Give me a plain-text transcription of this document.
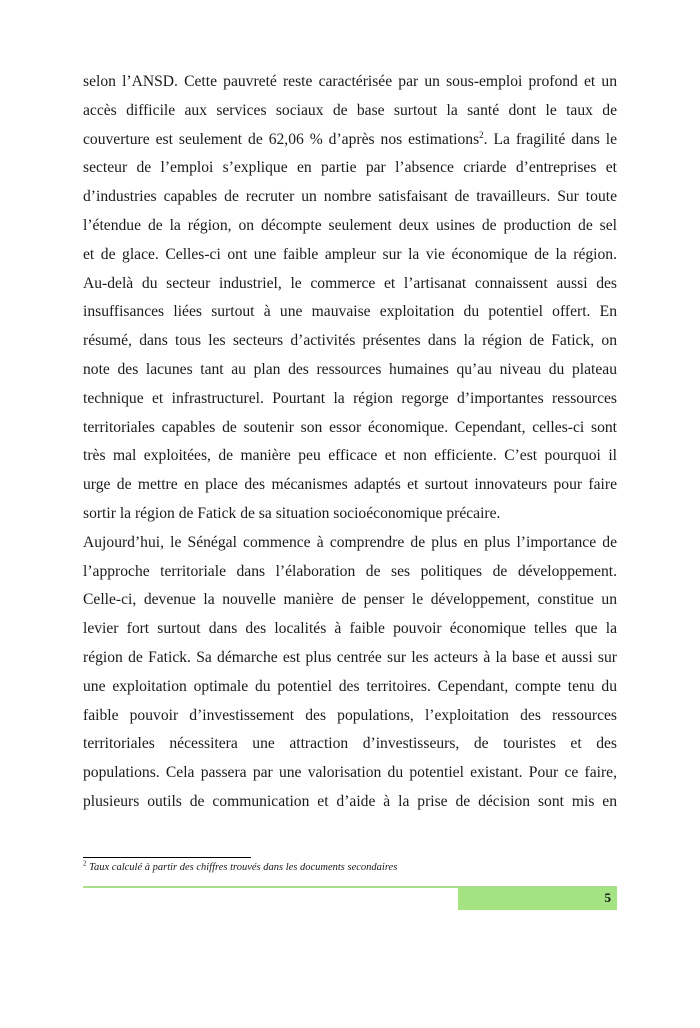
selon l’ANSD. Cette pauvreté reste caractérisée par un sous-emploi profond et un
accès difficile aux services sociaux de base surtout la santé dont le taux de
couverture est seulement de 62,06 % d’après nos estimations$^2$. La fragilité dans le
secteur de l’emploi s’explique en partie par l’absence criarde d’entreprises et
d’industries capables de recruter un nombre satisfaisant de travailleurs. Sur toute
l’étendue de la région, on décompte seulement deux usines de production de sel
et de glace. Celles-ci ont une faible ampleur sur la vie économique de la région.
Au-delà du secteur industriel, le commerce et l’artisanat connaissent aussi des
insuffisances liées surtout à une mauvaise exploitation du potentiel offert. En
résumé, dans tous les secteurs d’activités présentes dans la région de Fatick, on
note des lacunes tant au plan des ressources humaines qu’au niveau du plateau
technique et infrastructurel. Pourtant la région regorge d’importantes ressources
territoriales capables de soutenir son essor économique. Cependant, celles-ci sont
très mal exploitées, de manière peu efficace et non efficiente. C’est pourquoi il
urge de mettre en place des mécanismes adaptés et surtout innovateurs pour faire
sortir la région de Fatick de sa situation socioéconomique précaire.
Aujourd’hui, le Sénégal commence à comprendre de plus en plus l’importance de
l’approche territoriale dans l’élaboration de ses politiques de développement.
Celle-ci, devenue la nouvelle manière de penser le développement, constitue un
levier fort surtout dans des localités à faible pouvoir économique telles que la
région de Fatick. Sa démarche est plus centrée sur les acteurs à la base et aussi sur
une exploitation optimale du potentiel des territoires. Cependant, compte tenu du
faible pouvoir d’investissement des populations, l’exploitation des ressources
territoriales nécessitera une attraction d’investisseurs, de touristes et des
populations. Cela passera par une valorisation du potentiel existant. Pour ce faire,
plusieurs outils de communication et d’aide à la prise de décision sont mis en
$^2$ Taux calculé à partir des chiffres trouvés dans les documents secondaires
5
